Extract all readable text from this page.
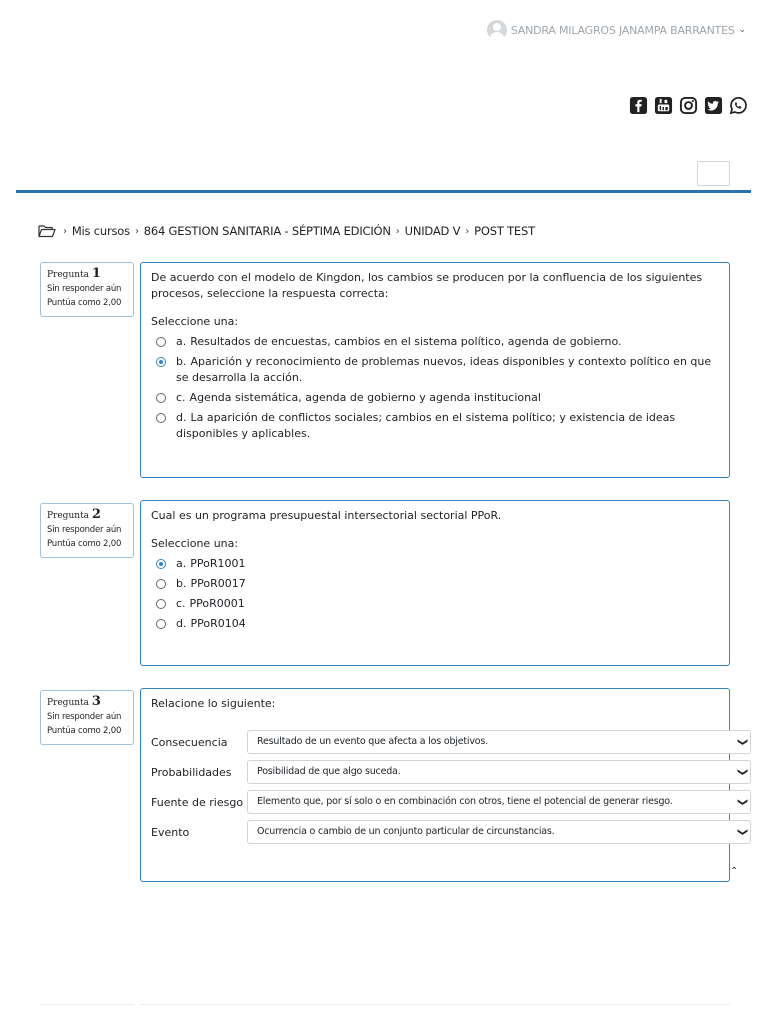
SANDRA MILAGROS JANAMPA BARRANTES ⌄
› Mis cursos › 864 GESTION SANITARIA - SÉPTIMA EDICIÓN › UNIDAD V › POST TEST
Pregunta 1
Sin responder aún
Puntúa como 2,00

De acuerdo con el modelo de Kingdon, los cambios se producen por la confluencia de los siguientes procesos, seleccione la respuesta correcta:

Seleccione una:
a. Resultados de encuestas, cambios en el sistema político, agenda de gobierno.
b. Aparición y reconocimiento de problemas nuevos, ideas disponibles y contexto político en que se desarrolla la acción.
c. Agenda sistemática, agenda de gobierno y agenda institucional
d. La aparición de conflictos sociales; cambios en el sistema político; y existencia de ideas disponibles y aplicables.
Pregunta 2
Sin responder aún
Puntúa como 2,00

Cual es un programa presupuestal intersectorial sectorial PPoR.

Seleccione una:
a. PPoR1001
b. PPoR0017
c. PPoR0001
d. PPoR0104
Pregunta 3
Sin responder aún
Puntúa como 2,00

Relacione lo siguiente:

Consecuencia	Resultado de un evento que afecta a los objetivos.	❯
Probabilidades	Posibilidad de que algo suceda.	❯
Fuente de riesgo	Elemento que, por sí solo o en combinación con otros, tiene el potencial de generar riesgo.	❯
Evento	Ocurrencia o cambio de un conjunto particular de circunstancias.	❯
⌃
